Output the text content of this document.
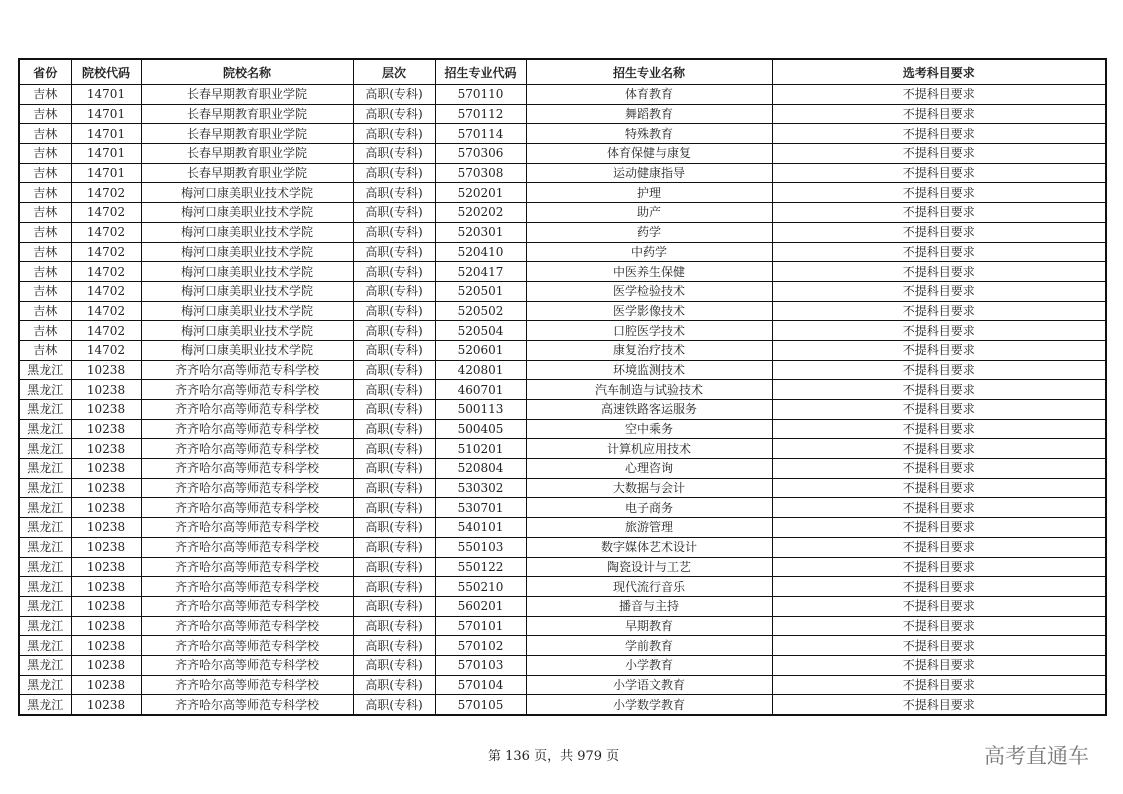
省份	院校代码	院校名称	层次	招生专业代码	招生专业名称	选考科目要求
吉林	14701	长春早期教育职业学院	高职(专科)	570110	体育教育	不提科目要求
吉林	14701	长春早期教育职业学院	高职(专科)	570112	舞蹈教育	不提科目要求
吉林	14701	长春早期教育职业学院	高职(专科)	570114	特殊教育	不提科目要求
吉林	14701	长春早期教育职业学院	高职(专科)	570306	体育保健与康复	不提科目要求
吉林	14701	长春早期教育职业学院	高职(专科)	570308	运动健康指导	不提科目要求
吉林	14702	梅河口康美职业技术学院	高职(专科)	520201	护理	不提科目要求
吉林	14702	梅河口康美职业技术学院	高职(专科)	520202	助产	不提科目要求
吉林	14702	梅河口康美职业技术学院	高职(专科)	520301	药学	不提科目要求
吉林	14702	梅河口康美职业技术学院	高职(专科)	520410	中药学	不提科目要求
吉林	14702	梅河口康美职业技术学院	高职(专科)	520417	中医养生保健	不提科目要求
吉林	14702	梅河口康美职业技术学院	高职(专科)	520501	医学检验技术	不提科目要求
吉林	14702	梅河口康美职业技术学院	高职(专科)	520502	医学影像技术	不提科目要求
吉林	14702	梅河口康美职业技术学院	高职(专科)	520504	口腔医学技术	不提科目要求
吉林	14702	梅河口康美职业技术学院	高职(专科)	520601	康复治疗技术	不提科目要求
黑龙江	10238	齐齐哈尔高等师范专科学校	高职(专科)	420801	环境监测技术	不提科目要求
黑龙江	10238	齐齐哈尔高等师范专科学校	高职(专科)	460701	汽车制造与试验技术	不提科目要求
黑龙江	10238	齐齐哈尔高等师范专科学校	高职(专科)	500113	高速铁路客运服务	不提科目要求
黑龙江	10238	齐齐哈尔高等师范专科学校	高职(专科)	500405	空中乘务	不提科目要求
黑龙江	10238	齐齐哈尔高等师范专科学校	高职(专科)	510201	计算机应用技术	不提科目要求
黑龙江	10238	齐齐哈尔高等师范专科学校	高职(专科)	520804	心理咨询	不提科目要求
黑龙江	10238	齐齐哈尔高等师范专科学校	高职(专科)	530302	大数据与会计	不提科目要求
黑龙江	10238	齐齐哈尔高等师范专科学校	高职(专科)	530701	电子商务	不提科目要求
黑龙江	10238	齐齐哈尔高等师范专科学校	高职(专科)	540101	旅游管理	不提科目要求
黑龙江	10238	齐齐哈尔高等师范专科学校	高职(专科)	550103	数字媒体艺术设计	不提科目要求
黑龙江	10238	齐齐哈尔高等师范专科学校	高职(专科)	550122	陶瓷设计与工艺	不提科目要求
黑龙江	10238	齐齐哈尔高等师范专科学校	高职(专科)	550210	现代流行音乐	不提科目要求
黑龙江	10238	齐齐哈尔高等师范专科学校	高职(专科)	560201	播音与主持	不提科目要求
黑龙江	10238	齐齐哈尔高等师范专科学校	高职(专科)	570101	早期教育	不提科目要求
黑龙江	10238	齐齐哈尔高等师范专科学校	高职(专科)	570102	学前教育	不提科目要求
黑龙江	10238	齐齐哈尔高等师范专科学校	高职(专科)	570103	小学教育	不提科目要求
黑龙江	10238	齐齐哈尔高等师范专科学校	高职(专科)	570104	小学语文教育	不提科目要求
黑龙江	10238	齐齐哈尔高等师范专科学校	高职(专科)	570105	小学数学教育	不提科目要求
第 136 页，共 979 页	高考直通车
